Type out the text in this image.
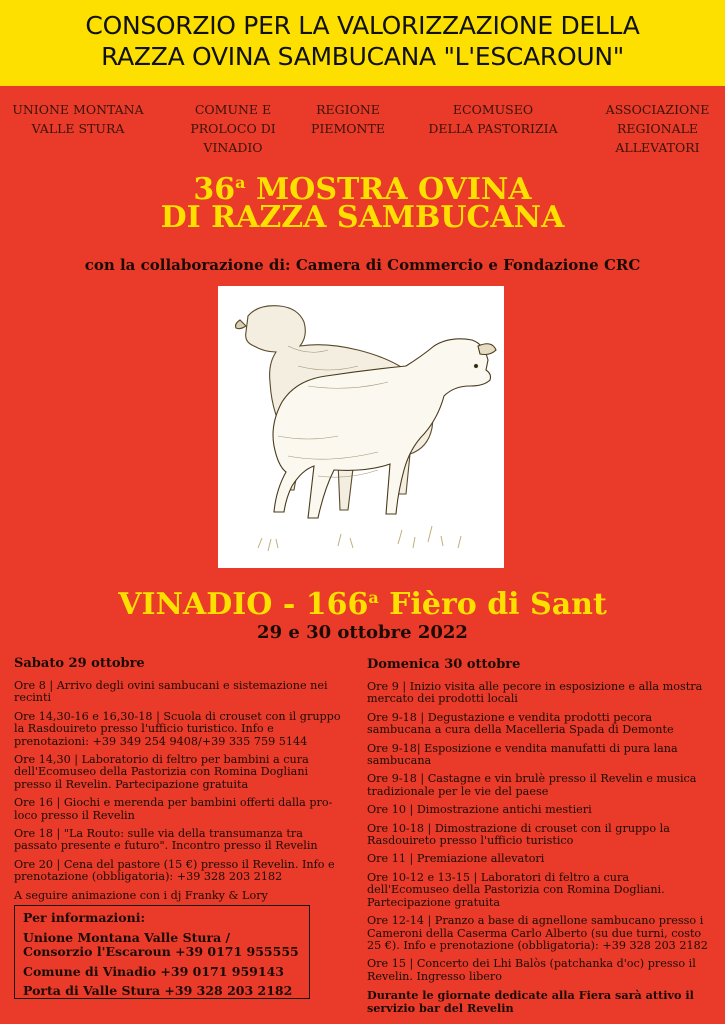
CONSORZIO PER LA VALORIZZAZIONE DELLA
RAZZA OVINA SAMBUCANA "L'ESCAROUN"
UNIONE MONTANA
VALLE STURA
COMUNE E
PROLOCO DI
VINADIO
REGIONE
PIEMONTE
ECOMUSEO
DELLA PASTORIZIA
ASSOCIAZIONE
REGIONALE
ALLEVATORI
36$^a$ MOSTRA OVINA
DI RAZZA SAMBUCANA
con la collaborazione di: Camera di Commercio e Fondazione CRC
VINADIO - 166$^a$ Fièro di Sant
29 e 30 ottobre 2022
Sabato 29 ottobre

Ore 8 | Arrivo degli ovini sambucani e sistemazione nei recinti

Ore 14,30-16 e 16,30-18 | Scuola di crouset con il gruppo la Rasdouireto presso l'ufficio turistico. Info e prenotazioni: +39 349 254 9408/+39 335 759 5144

Ore 14,30 | Laboratorio di feltro per bambini a cura dell'Ecomuseo della Pastorizia con Romina Dogliani presso il Revelin. Partecipazione gratuita

Ore 16 | Giochi e merenda per bambini offerti dalla pro-loco presso il Revelin

Ore 18 | "La Routo: sulle via della transumanza tra passato presente e futuro". Incontro presso il Revelin

Ore 20 | Cena del pastore (15 €) presso il Revelin. Info e prenotazione (obbligatoria): +39 328 203 2182

A seguire animazione con i dj Franky & Lory

Domenica 30 ottobre

Ore 9 | Inizio visita alle pecore in esposizione e alla mostra mercato dei prodotti locali

Ore 9-18 | Degustazione e vendita prodotti pecora sambucana a cura della Macelleria Spada di Demonte

Ore 9-18| Esposizione e vendita manufatti di pura lana sambucana

Ore 9-18 | Castagne e vin brulè presso il Revelin e musica tradizionale per le vie del paese

Ore 10 | Dimostrazione antichi mestieri

Ore 10-18 | Dimostrazione di crouset con il gruppo la Rasdouireto presso l'ufficio turistico

Ore 11 | Premiazione allevatori

Ore 10-12 e 13-15 | Laboratori di feltro a cura dell'Ecomuseo della Pastorizia con Romina Dogliani. Partecipazione gratuita

Ore 12-14 | Pranzo a base di agnellone sambucano presso i Cameroni della Caserma Carlo Alberto (su due turni, costo 25 €). Info e prenotazione (obbligatoria): +39 328 203 2182

Ore 15 | Concerto dei Lhi Balòs (patchanka d'oc) presso il Revelin. Ingresso libero

Durante le giornate dedicate alla Fiera sarà attivo il servizio bar del Revelin

Per informazioni:
Unione Montana Valle Stura / Consorzio l'Escaroun +39 0171 955555
Comune di Vinadio +39 0171 959143
Porta di Valle Stura +39 328 203 2182
